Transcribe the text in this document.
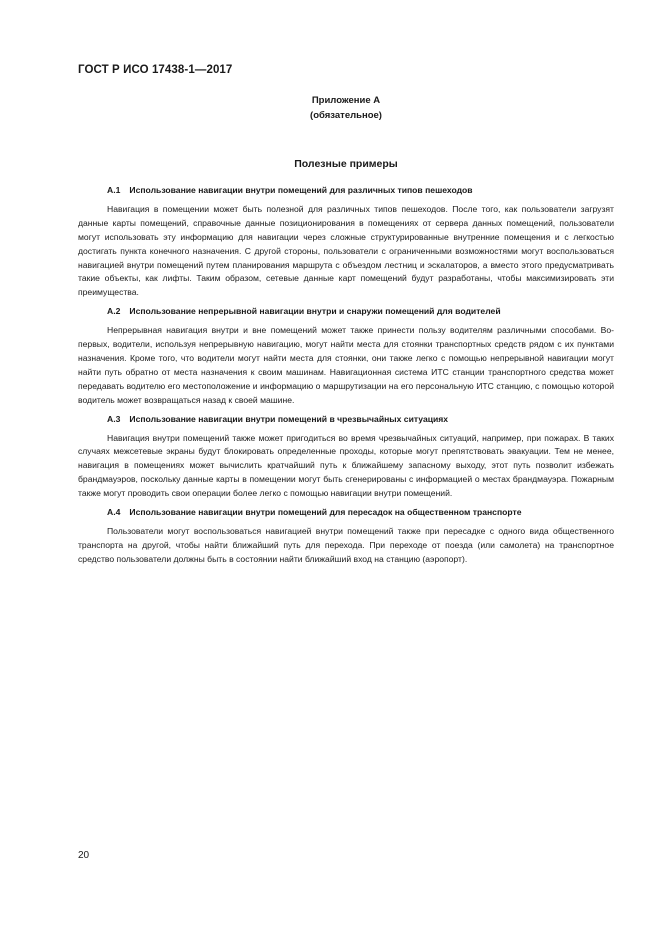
ГОСТ Р ИСО 17438-1—2017
Приложение А
(обязательное)
Полезные примеры
А.1 Использование навигации внутри помещений для различных типов пешеходов

Навигация в помещении может быть полезной для различных типов пешеходов. После того, как пользователи загрузят данные карты помещений, справочные данные позиционирования в помещениях от сервера данных помещений, пользователи могут использовать эту информацию для навигации через сложные структурированные внутренние помещения и с легкостью достигать пункта конечного назначения. С другой стороны, пользователи с ограниченными возможностями могут воспользоваться навигацией внутри помещений путем планирования маршрута с объездом лестниц и эскалаторов, а вместо этого предусматривать такие объекты, как лифты. Таким образом, сетевые данные карт помещений будут разработаны, чтобы максимизировать эти преимущества.

А.2 Использование непрерывной навигации внутри и снаружи помещений для водителей

Непрерывная навигация внутри и вне помещений может также принести пользу водителям различными способами. Во-первых, водители, используя непрерывную навигацию, могут найти места для стоянки транспортных средств рядом с их пунктами назначения. Кроме того, что водители могут найти места для стоянки, они также легко с помощью непрерывной навигации могут найти путь обратно от места назначения к своим машинам. Навигационная система ИТС станции транспортного средства может передавать водителю его местоположение и информацию о маршрутизации на его персональную ИТС станцию, с помощью которой водитель может возвращаться назад к своей машине.

А.3 Использование навигации внутри помещений в чрезвычайных ситуациях

Навигация внутри помещений также может пригодиться во время чрезвычайных ситуаций, например, при пожарах. В таких случаях межсетевые экраны будут блокировать определенные проходы, которые могут препятствовать эвакуации. Тем не менее, навигация в помещениях может вычислить кратчайший путь к ближайшему запасному выходу, этот путь позволит избежать брандмауэров, поскольку данные карты в помещении могут быть сгенерированы с информацией о местах брандмауэра. Пожарным также могут проводить свои операции более легко с помощью навигации внутри помещений.

А.4 Использование навигации внутри помещений для пересадок на общественном транспорте

Пользователи могут воспользоваться навигацией внутри помещений также при пересадке с одного вида общественного транспорта на другой, чтобы найти ближайший путь для перехода. При переходе от поезда (или самолета) на транспортное средство пользователи должны быть в состоянии найти ближайший вход на станцию (аэропорт).

20
